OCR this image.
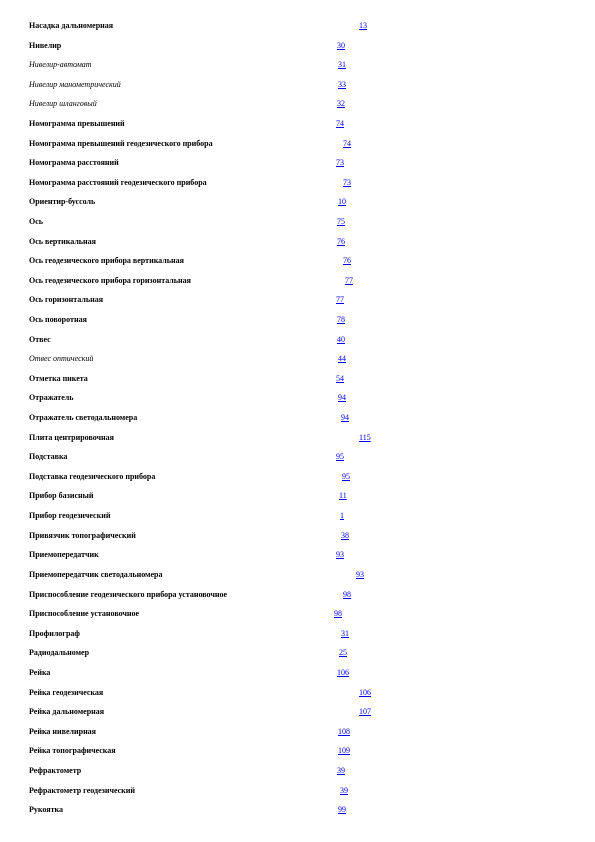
Насадка дальномерная	13
Нивелир	30
Нивелир-автомат	31
Нивелир манометрический	33
Нивелир шланговый	32
Номограмма превышений	74
Номограмма превышений геодезического прибора	74
Номограмма расстояний	73
Номограмма расстояний геодезического прибора	73
Ориентир-буссоль	10
Ось	75
Ось вертикальная	76
Ось геодезического прибора вертикальная	76
Ось геодезического прибора горизонтальная	77
Ось горизонтальная	77
Ось поворотная	78
Отвес	40
Отвес оптический	44
Отметка пикета	54
Отражатель	94
Отражатель светодальномера	94
Плита центрировочная	115
Подставка	95
Подставка геодезического прибора	95
Прибор базисный	11
Прибор геодезический	1
Привязчик топографический	38
Приемопередатчик	93
Приемопередатчик светодальномера	93
Приспособление геодезического прибора установочное	98
Приспособление установочное	98
Профилограф	31
Радиодальномер	25
Рейка	106
Рейка геодезическая	106
Рейка дальномерная	107
Рейка нивелирная	108
Рейка топографическая	109
Рефрактометр	39
Рефрактометр геодезический	39
Рукоятка	99
